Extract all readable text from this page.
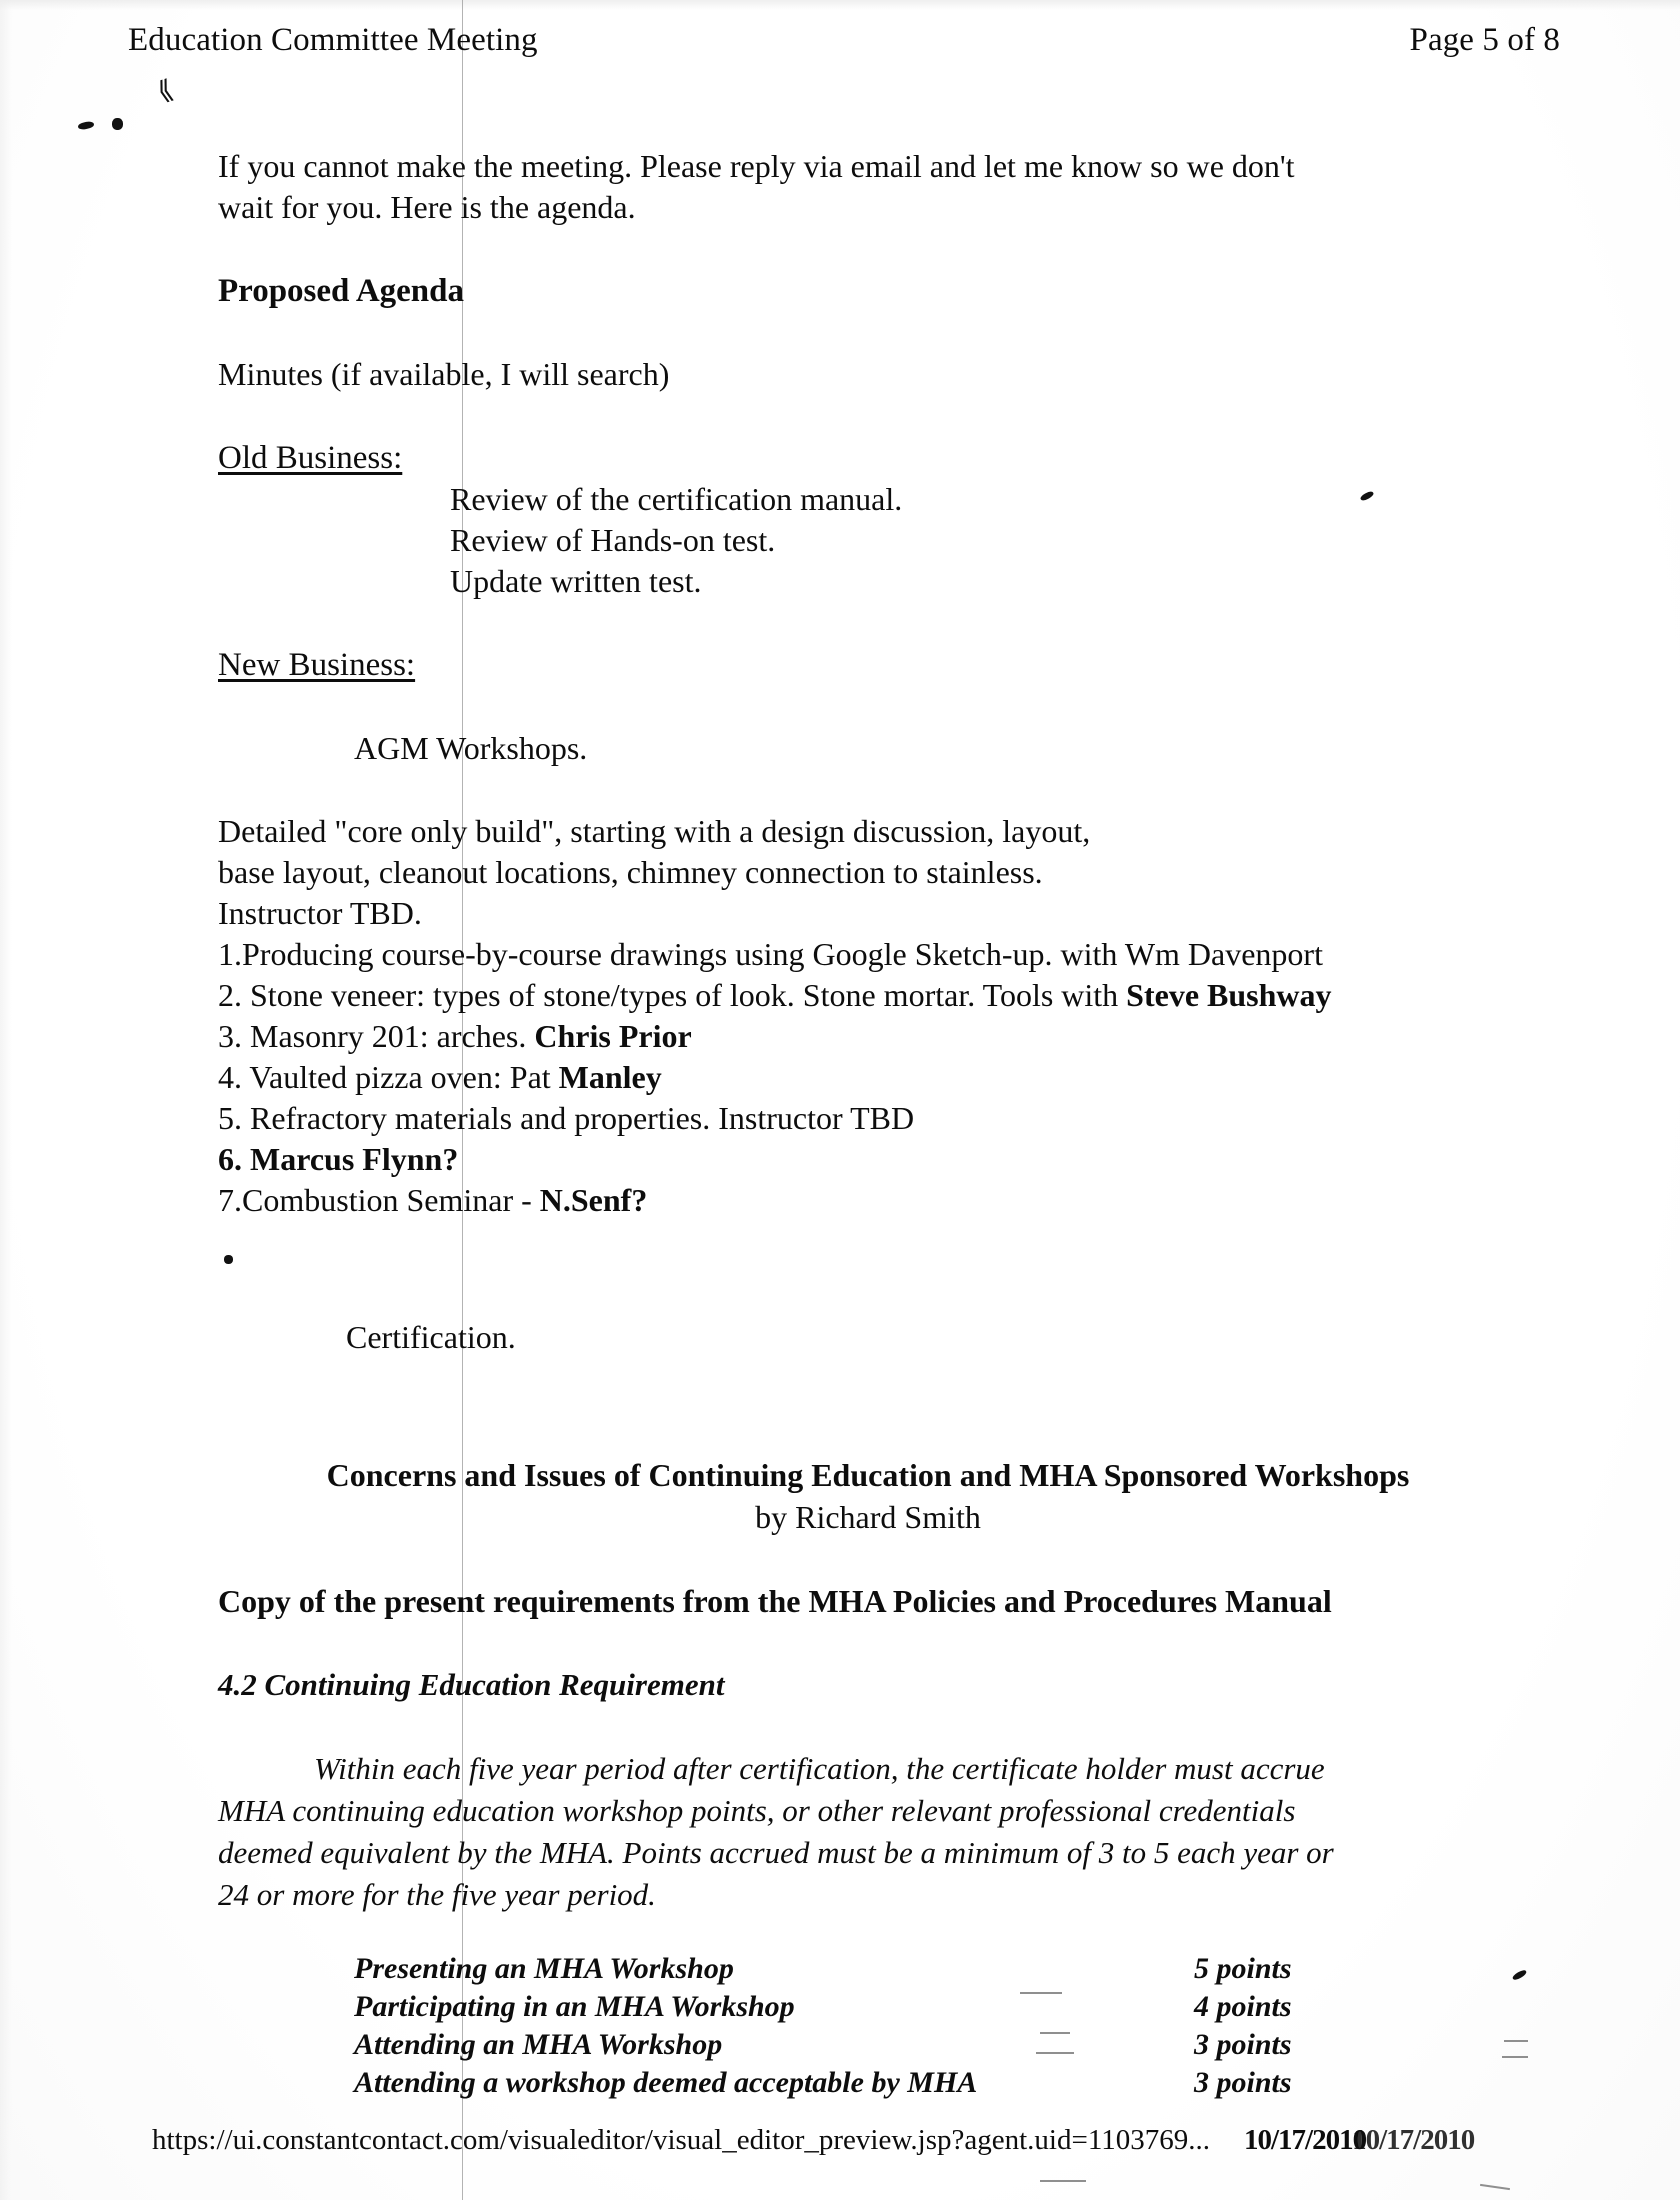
⟪
Education Committee Meeting	Page 5 of 8
If you cannot make the meeting. Please reply via email and let me know so we don't
wait for you. Here is the agenda.
Proposed Agenda
Minutes (if available, I will search)
Old Business:
Review of the certification manual.
Review of Hands-on test.
Update written test.
New Business:
AGM Workshops.
Detailed "core only build", starting with a design discussion, layout,
base layout, cleanout locations, chimney connection to stainless.
Instructor TBD.
1.Producing course-by-course drawings using Google Sketch-up. with Wm Davenport
2. Stone veneer: types of stone/types of look. Stone mortar. Tools with Steve Bushway
3. Masonry 201: arches. Chris Prior
4. Vaulted pizza oven: Pat Manley
5. Refractory materials and properties. Instructor TBD
6. Marcus Flynn?
7.Combustion Seminar - N.Senf?
Certification.
Concerns and Issues of Continuing Education and MHA Sponsored Workshops
by Richard Smith
Copy of the present requirements from the MHA Policies and Procedures Manual
4.2 Continuing Education Requirement
Within each five year period after certification, the certificate holder must accrue
MHA continuing education workshop points, or other relevant professional credentials
deemed equivalent by the MHA. Points accrued must be a minimum of 3 to 5 each year or
24 or more for the five year period.
Presenting an MHA Workshop	5 points
Participating in an MHA Workshop	4 points
Attending an MHA Workshop	3 points
Attending a workshop deemed acceptable by MHA	3 points
https://ui.constantcontact.com/visualeditor/visual_editor_preview.jsp?agent.uid=1103769... 10/17/201010/17/2010
